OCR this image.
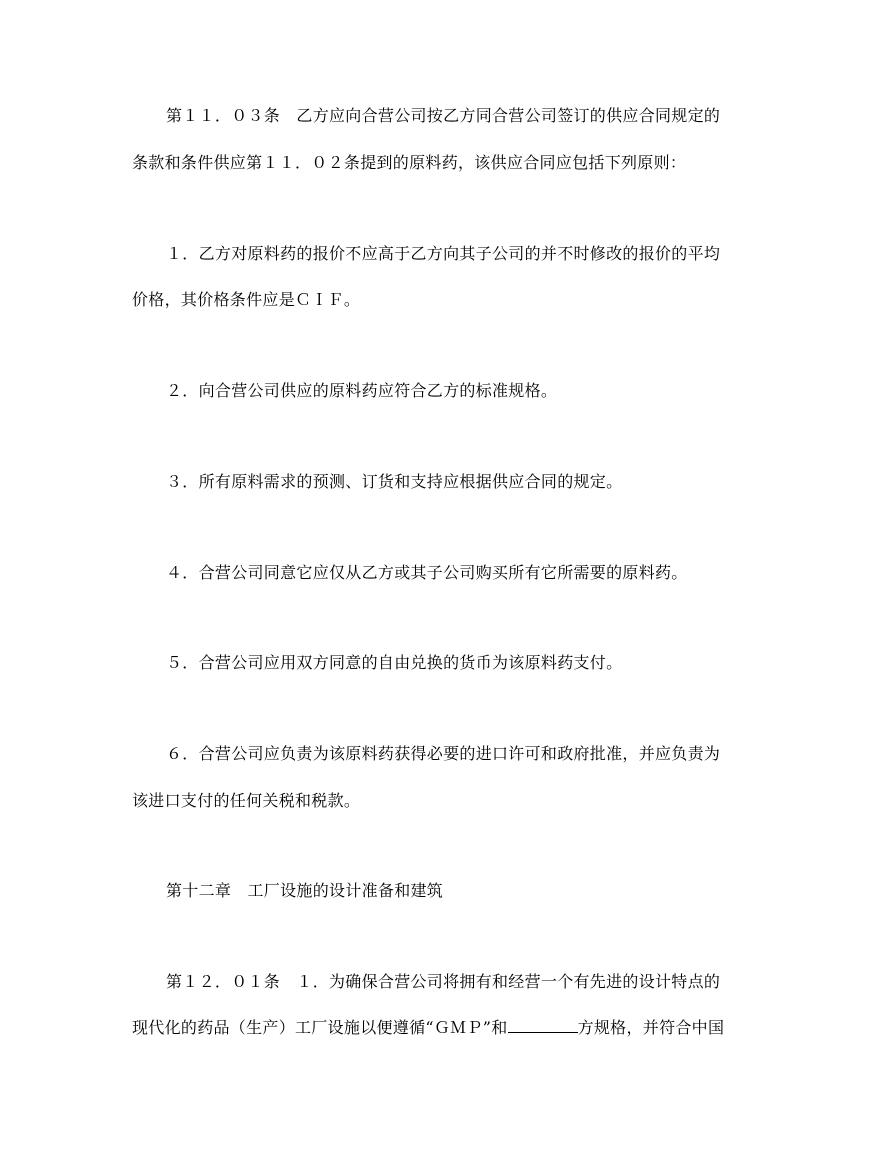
第１１．０３条　乙方应向合营公司按乙方同合营公司签订的供应合同规定的
条款和条件供应第１１．０２条提到的原料药，该供应合同应包括下列原则：
１．乙方对原料药的报价不应高于乙方向其子公司的并不时修改的报价的平均
价格，其价格条件应是ＣＩＦ。
２．向合营公司供应的原料药应符合乙方的标准规格。
３．所有原料需求的预测、订货和支持应根据供应合同的规定。
４．合营公司同意它应仅从乙方或其子公司购买所有它所需要的原料药。
５．合营公司应用双方同意的自由兑换的货币为该原料药支付。
６．合营公司应负责为该原料药获得必要的进口许可和政府批准，并应负责为
该进口支付的任何关税和税款。
第十二章　工厂设施的设计准备和建筑
第１２．０１条　１．为确保合营公司将拥有和经营一个有先进的设计特点的
现代化的药品（生产）工厂设施以便遵循“ＧＭＰ”和	方规格，并符合中国
